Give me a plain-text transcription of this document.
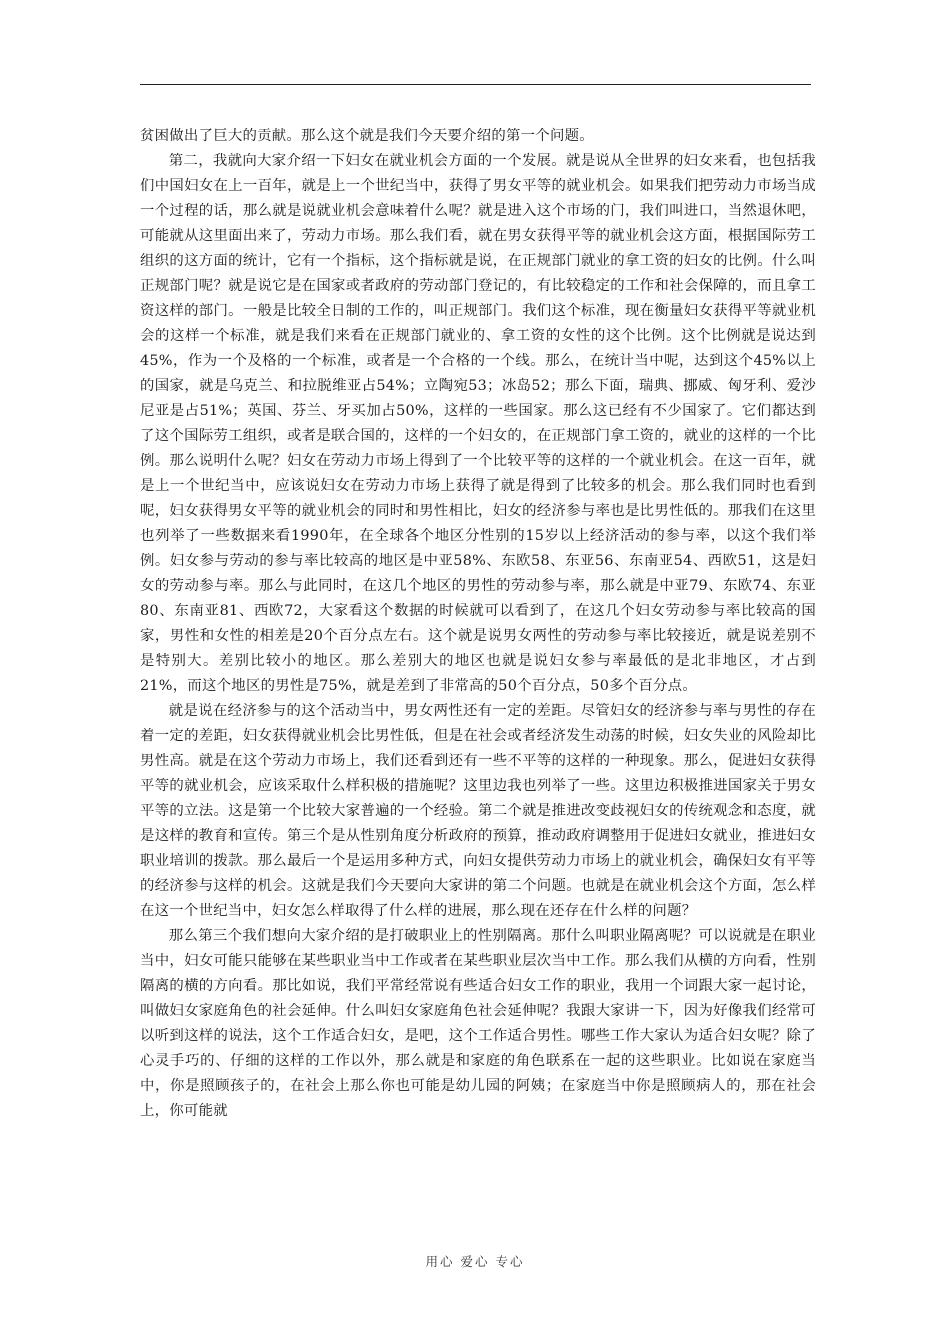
贫困做出了巨大的贡献。那么这个就是我们今天要介绍的第一个问题。

第二，我就向大家介绍一下妇女在就业机会方面的一个发展。就是说从全世界的妇女来看，也包括我们中国妇女在上一百年，就是上一个世纪当中，获得了男女平等的就业机会。如果我们把劳动力市场当成一个过程的话，那么就是说就业机会意味着什么呢？就是进入这个市场的门，我们叫进口，当然退休吧，可能就从这里面出来了，劳动力市场。那么我们看，就在男女获得平等的就业机会这方面，根据国际劳工组织的这方面的统计，它有一个指标，这个指标就是说，在正规部门就业的拿工资的妇女的比例。什么叫正规部门呢？就是说它是在国家或者政府的劳动部门登记的，有比较稳定的工作和社会保障的，而且拿工资这样的部门。一般是比较全日制的工作的，叫正规部门。我们这个标准，现在衡量妇女获得平等就业机会的这样一个标准，就是我们来看在正规部门就业的、拿工资的女性的这个比例。这个比例就是说达到45%，作为一个及格的一个标准，或者是一个合格的一个线。那么，在统计当中呢，达到这个45%以上的国家，就是乌克兰、和拉脱维亚占54%；立陶宛53；冰岛52；那么下面，瑞典、挪威、匈牙利、爱沙尼亚是占51%；英国、芬兰、牙买加占50%，这样的一些国家。那么这已经有不少国家了。它们都达到了这个国际劳工组织，或者是联合国的，这样的一个妇女的，在正规部门拿工资的，就业的这样的一个比例。那么说明什么呢？妇女在劳动力市场上得到了一个比较平等的这样的一个就业机会。在这一百年，就是上一个世纪当中，应该说妇女在劳动力市场上获得了就是得到了比较多的机会。那么我们同时也看到呢，妇女获得男女平等的就业机会的同时和男性相比，妇女的经济参与率也是比男性低的。那我们在这里也列举了一些数据来看1990年，在全球各个地区分性别的15岁以上经济活动的参与率，以这个我们举例。妇女参与劳动的参与率比较高的地区是中亚58%、东欧58、东亚56、东南亚54、西欧51，这是妇女的劳动参与率。那么与此同时，在这几个地区的男性的劳动参与率，那么就是中亚79、东欧74、东亚80、东南亚81、西欧72，大家看这个数据的时候就可以看到了，在这几个妇女劳动参与率比较高的国家，男性和女性的相差是20个百分点左右。这个就是说男女两性的劳动参与率比较接近，就是说差别不是特别大。差别比较小的地区。那么差别大的地区也就是说妇女参与率最低的是北非地区，才占到21%，而这个地区的男性是75%，就是差到了非常高的50个百分点，50多个百分点。

就是说在经济参与的这个活动当中，男女两性还有一定的差距。尽管妇女的经济参与率与男性的存在着一定的差距，妇女获得就业机会比男性低，但是在社会或者经济发生动荡的时候，妇女失业的风险却比男性高。就是在这个劳动力市场上，我们还看到还有一些不平等的这样的一种现象。那么，促进妇女获得平等的就业机会，应该采取什么样积极的措施呢？这里边我也列举了一些。这里边积极推进国家关于男女平等的立法。这是第一个比较大家普遍的一个经验。第二个就是推进改变歧视妇女的传统观念和态度，就是这样的教育和宣传。第三个是从性别角度分析政府的预算，推动政府调整用于促进妇女就业，推进妇女职业培训的拨款。那么最后一个是运用多种方式，向妇女提供劳动力市场上的就业机会，确保妇女有平等的经济参与这样的机会。这就是我们今天要向大家讲的第二个问题。也就是在就业机会这个方面，怎么样在这一个世纪当中，妇女怎么样取得了什么样的进展，那么现在还存在什么样的问题？

那么第三个我们想向大家介绍的是打破职业上的性别隔离。那什么叫职业隔离呢？可以说就是在职业当中，妇女可能只能够在某些职业当中工作或者在某些职业层次当中工作。那么我们从横的方向看，性别隔离的横的方向看。那比如说，我们平常经常说有些适合妇女工作的职业，我用一个词跟大家一起讨论，叫做妇女家庭角色的社会延伸。什么叫妇女家庭角色社会延伸呢？我跟大家讲一下，因为好像我们经常可以听到这样的说法，这个工作适合妇女，是吧，这个工作适合男性。哪些工作大家认为适合妇女呢？除了心灵手巧的、仔细的这样的工作以外，那么就是和家庭的角色联系在一起的这些职业。比如说在家庭当中，你是照顾孩子的，在社会上那么你也可能是幼儿园的阿姨；在家庭当中你是照顾病人的，那在社会上，你可能就

用心 爱心 专心
